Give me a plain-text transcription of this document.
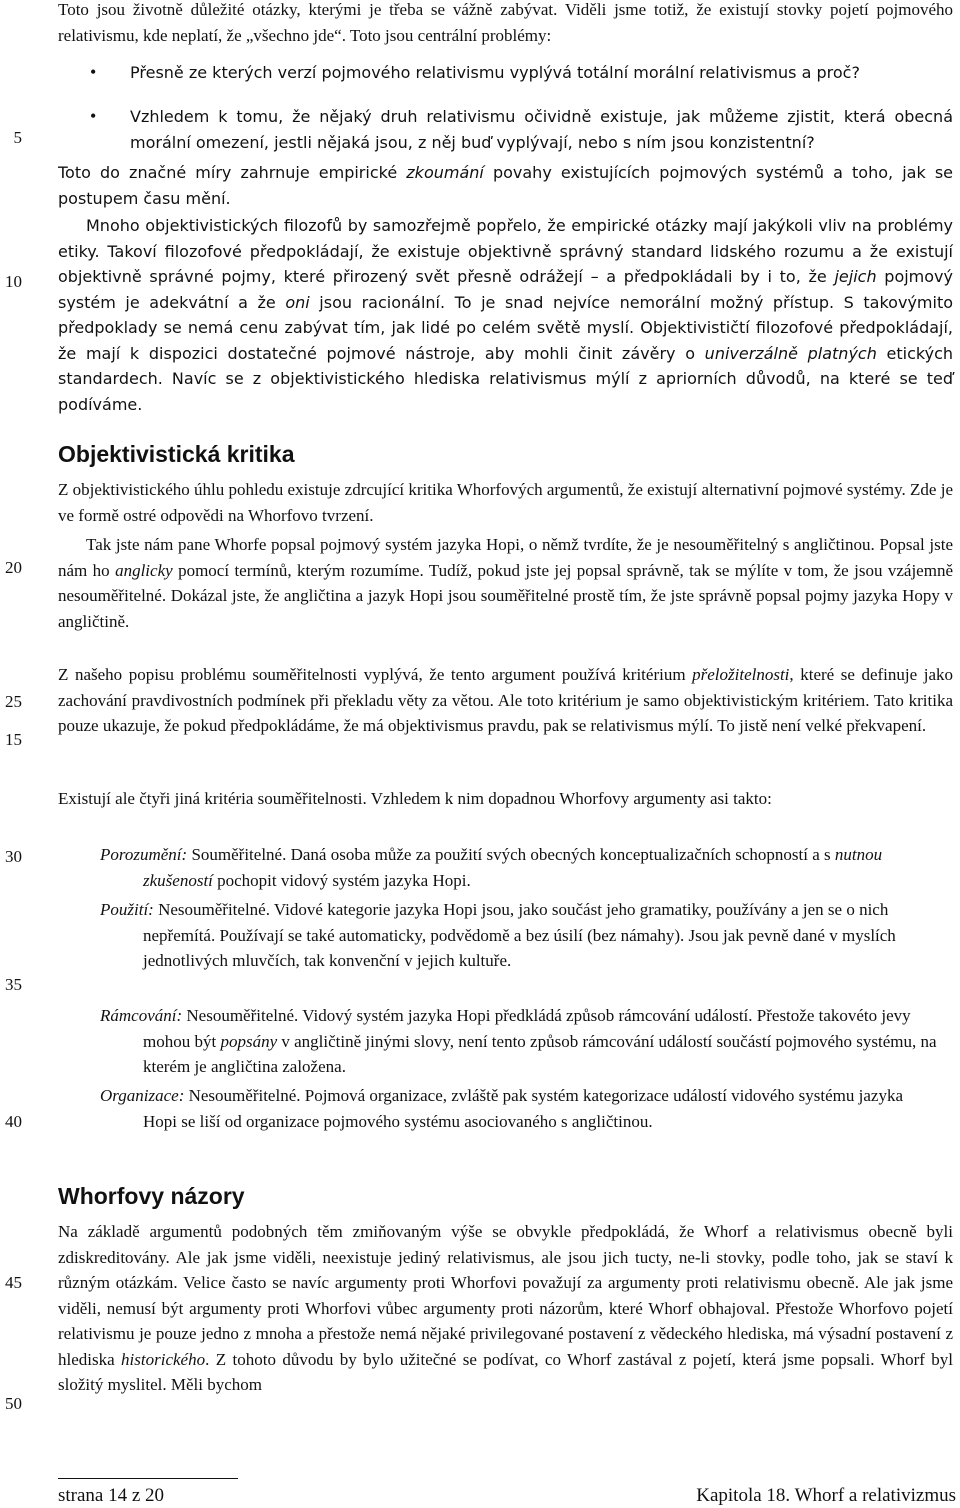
5
10
15
20
25
30
35
40
45
50

Toto jsou životně důležité otázky, kterými je třeba se vážně zabývat. Viděli jsme totiž, že existují stovky pojetí pojmového relativismu, kde neplatí, že „všechno jde“. Toto jsou centrální problémy:

• Přesně ze kterých verzí pojmového relativismu vyplývá totální morální relativismus a proč?

• Vzhledem k tomu, že nějaký druh relativismu očividně existuje, jak můžeme zjistit, která obecná morální omezení, jestli nějaká jsou, z něj buď vyplývají, nebo s ním jsou konzistentní?

Toto do značné míry zahrnuje empirické zkoumání povahy existujících pojmových systémů a toho, jak se postupem času mění.

Mnoho objektivistických filozofů by samozřejmě popřelo, že empirické otázky mají jakýkoli vliv na problémy etiky. Takoví filozofové předpokládají, že existuje objektivně správný standard lidského rozumu a že existují objektivně správné pojmy, které přirozený svět přesně odrážejí – a předpokládali by i to, že jejich pojmový systém je adekvátní a že oni jsou racionální. To je snad nejvíce nemorální možný přístup. S takovýmito předpoklady se nemá cenu zabývat tím, jak lidé po celém světě myslí. Objektivističtí filozofové předpokládají, že mají k dispozici dostatečné pojmové nástroje, aby mohli činit závěry o univerzálně platných etických standardech. Navíc se z objektivistického hlediska relativismus mýlí z apriorních důvodů, na které se teď podíváme.

Objektivistická kritika

Z objektivistického úhlu pohledu existuje zdrcující kritika Whorfových argumentů, že existují alternativní pojmové systémy. Zde je ve formě ostré odpovědi na Whorfovo tvrzení.

Tak jste nám pane Whorfe popsal pojmový systém jazyka Hopi, o němž tvrdíte, že je nesouměřitelný s angličtinou. Popsal jste nám ho anglicky pomocí termínů, kterým rozumíme. Tudíž, pokud jste jej popsal správně, tak se mýlíte v tom, že jsou vzájemně nesouměřitelné. Dokázal jste, že angličtina a jazyk Hopi jsou souměřitelné prostě tím, že jste správně popsal pojmy jazyka Hopy v angličtině.

Z našeho popisu problému souměřitelnosti vyplývá, že tento argument používá kritérium přeložitelnosti, které se definuje jako zachování pravdivostních podmínek při překladu věty za větou. Ale toto kritérium je samo objektivistickým kritériem. Tato kritika pouze ukazuje, že pokud předpokládáme, že má objektivismus pravdu, pak se relativismus mýlí. To jistě není velké překvapení.

Existují ale čtyři jiná kritéria souměřitelnosti. Vzhledem k nim dopadnou Whorfovy argumenty asi takto:

Porozumění: Souměřitelné. Daná osoba může za použití svých obecných konceptualizačních schopností a s nutnou zkušeností pochopit vidový systém jazyka Hopi.

Použití: Nesouměřitelné. Vidové kategorie jazyka Hopi jsou, jako součást jeho gramatiky, používány a jen se o nich nepřemítá. Používají se také automaticky, podvědomě a bez úsilí (bez námahy). Jsou jak pevně dané v myslích jednotlivých mluvčích, tak konvenční v jejich kultuře.

Rámcování: Nesouměřitelné. Vidový systém jazyka Hopi předkládá způsob rámcování událostí. Přestože takovéto jevy mohou být popsány v angličtině jinými slovy, není tento způsob rámcování událostí součástí pojmového systému, na kterém je angličtina založena.

Organizace: Nesouměřitelné. Pojmová organizace, zvláště pak systém kategorizace událostí vidového systému jazyka Hopi se liší od organizace pojmového systému asociovaného s angličtinou.

Whorfovy názory

Na základě argumentů podobných těm zmiňovaným výše se obvykle předpokládá, že Whorf a relativismus obecně byli zdiskreditovány. Ale jak jsme viděli, neexistuje jediný relativismus, ale jsou jich tucty, ne-li stovky, podle toho, jak se staví k různým otázkám. Velice často se navíc argumenty proti Whorfovi považují za argumenty proti relativismu obecně. Ale jak jsme viděli, nemusí být argumenty proti Whorfovi vůbec argumenty proti názorům, které Whorf obhajoval. Přestože Whorfovo pojetí relativismu je pouze jedno z mnoha a přestože nemá nějaké privilegované postavení z vědeckého hlediska, má výsadní postavení z hlediska historického. Z tohoto důvodu by bylo užitečné se podívat, co Whorf zastával z pojetí, která jsme popsali. Whorf byl složitý myslitel. Měli bychom

strana 14 z 20	Kapitola 18. Whorf a relativizmus
